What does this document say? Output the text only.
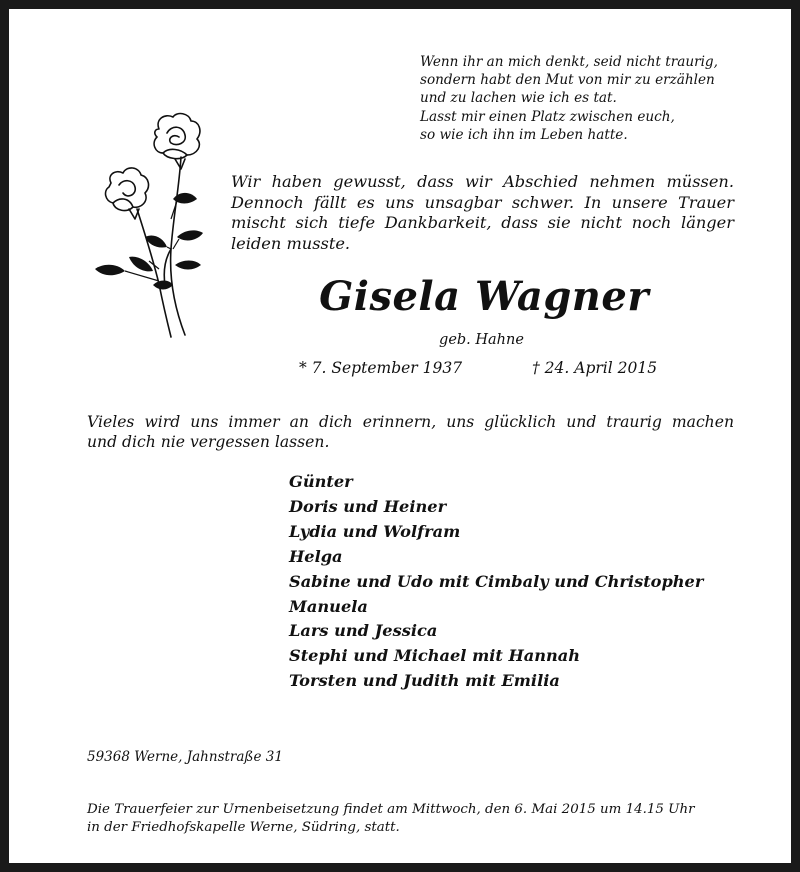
Wenn ihr an mich denkt, seid nicht traurig,
sondern habt den Mut von mir zu erzählen
und zu lachen wie ich es tat.
Lasst mir einen Platz zwischen euch,
so wie ich ihn im Leben hatte.
Wir haben gewusst, dass wir Abschied nehmen müssen.
Dennoch fällt es uns unsagbar schwer. In unsere Trauer
mischt sich tiefe Dankbarkeit, dass sie nicht noch länger
leiden musste.
Gisela Wagner
geb. Hahne
* 7. September 1937	† 24. April 2015
Vieles wird uns immer an dich erinnern, uns glücklich und traurig machen
und dich nie vergessen lassen.
Günter
Doris und Heiner
Lydia und Wolfram
Helga
Sabine und Udo mit Cimbaly und Christopher
Manuela
Lars und Jessica
Stephi und Michael mit Hannah
Torsten und Judith mit Emilia
59368 Werne, Jahnstraße 31
Die Trauerfeier zur Urnenbeisetzung findet am Mittwoch, den 6. Mai 2015 um 14.15 Uhr
in der Friedhofskapelle Werne, Südring, statt.
